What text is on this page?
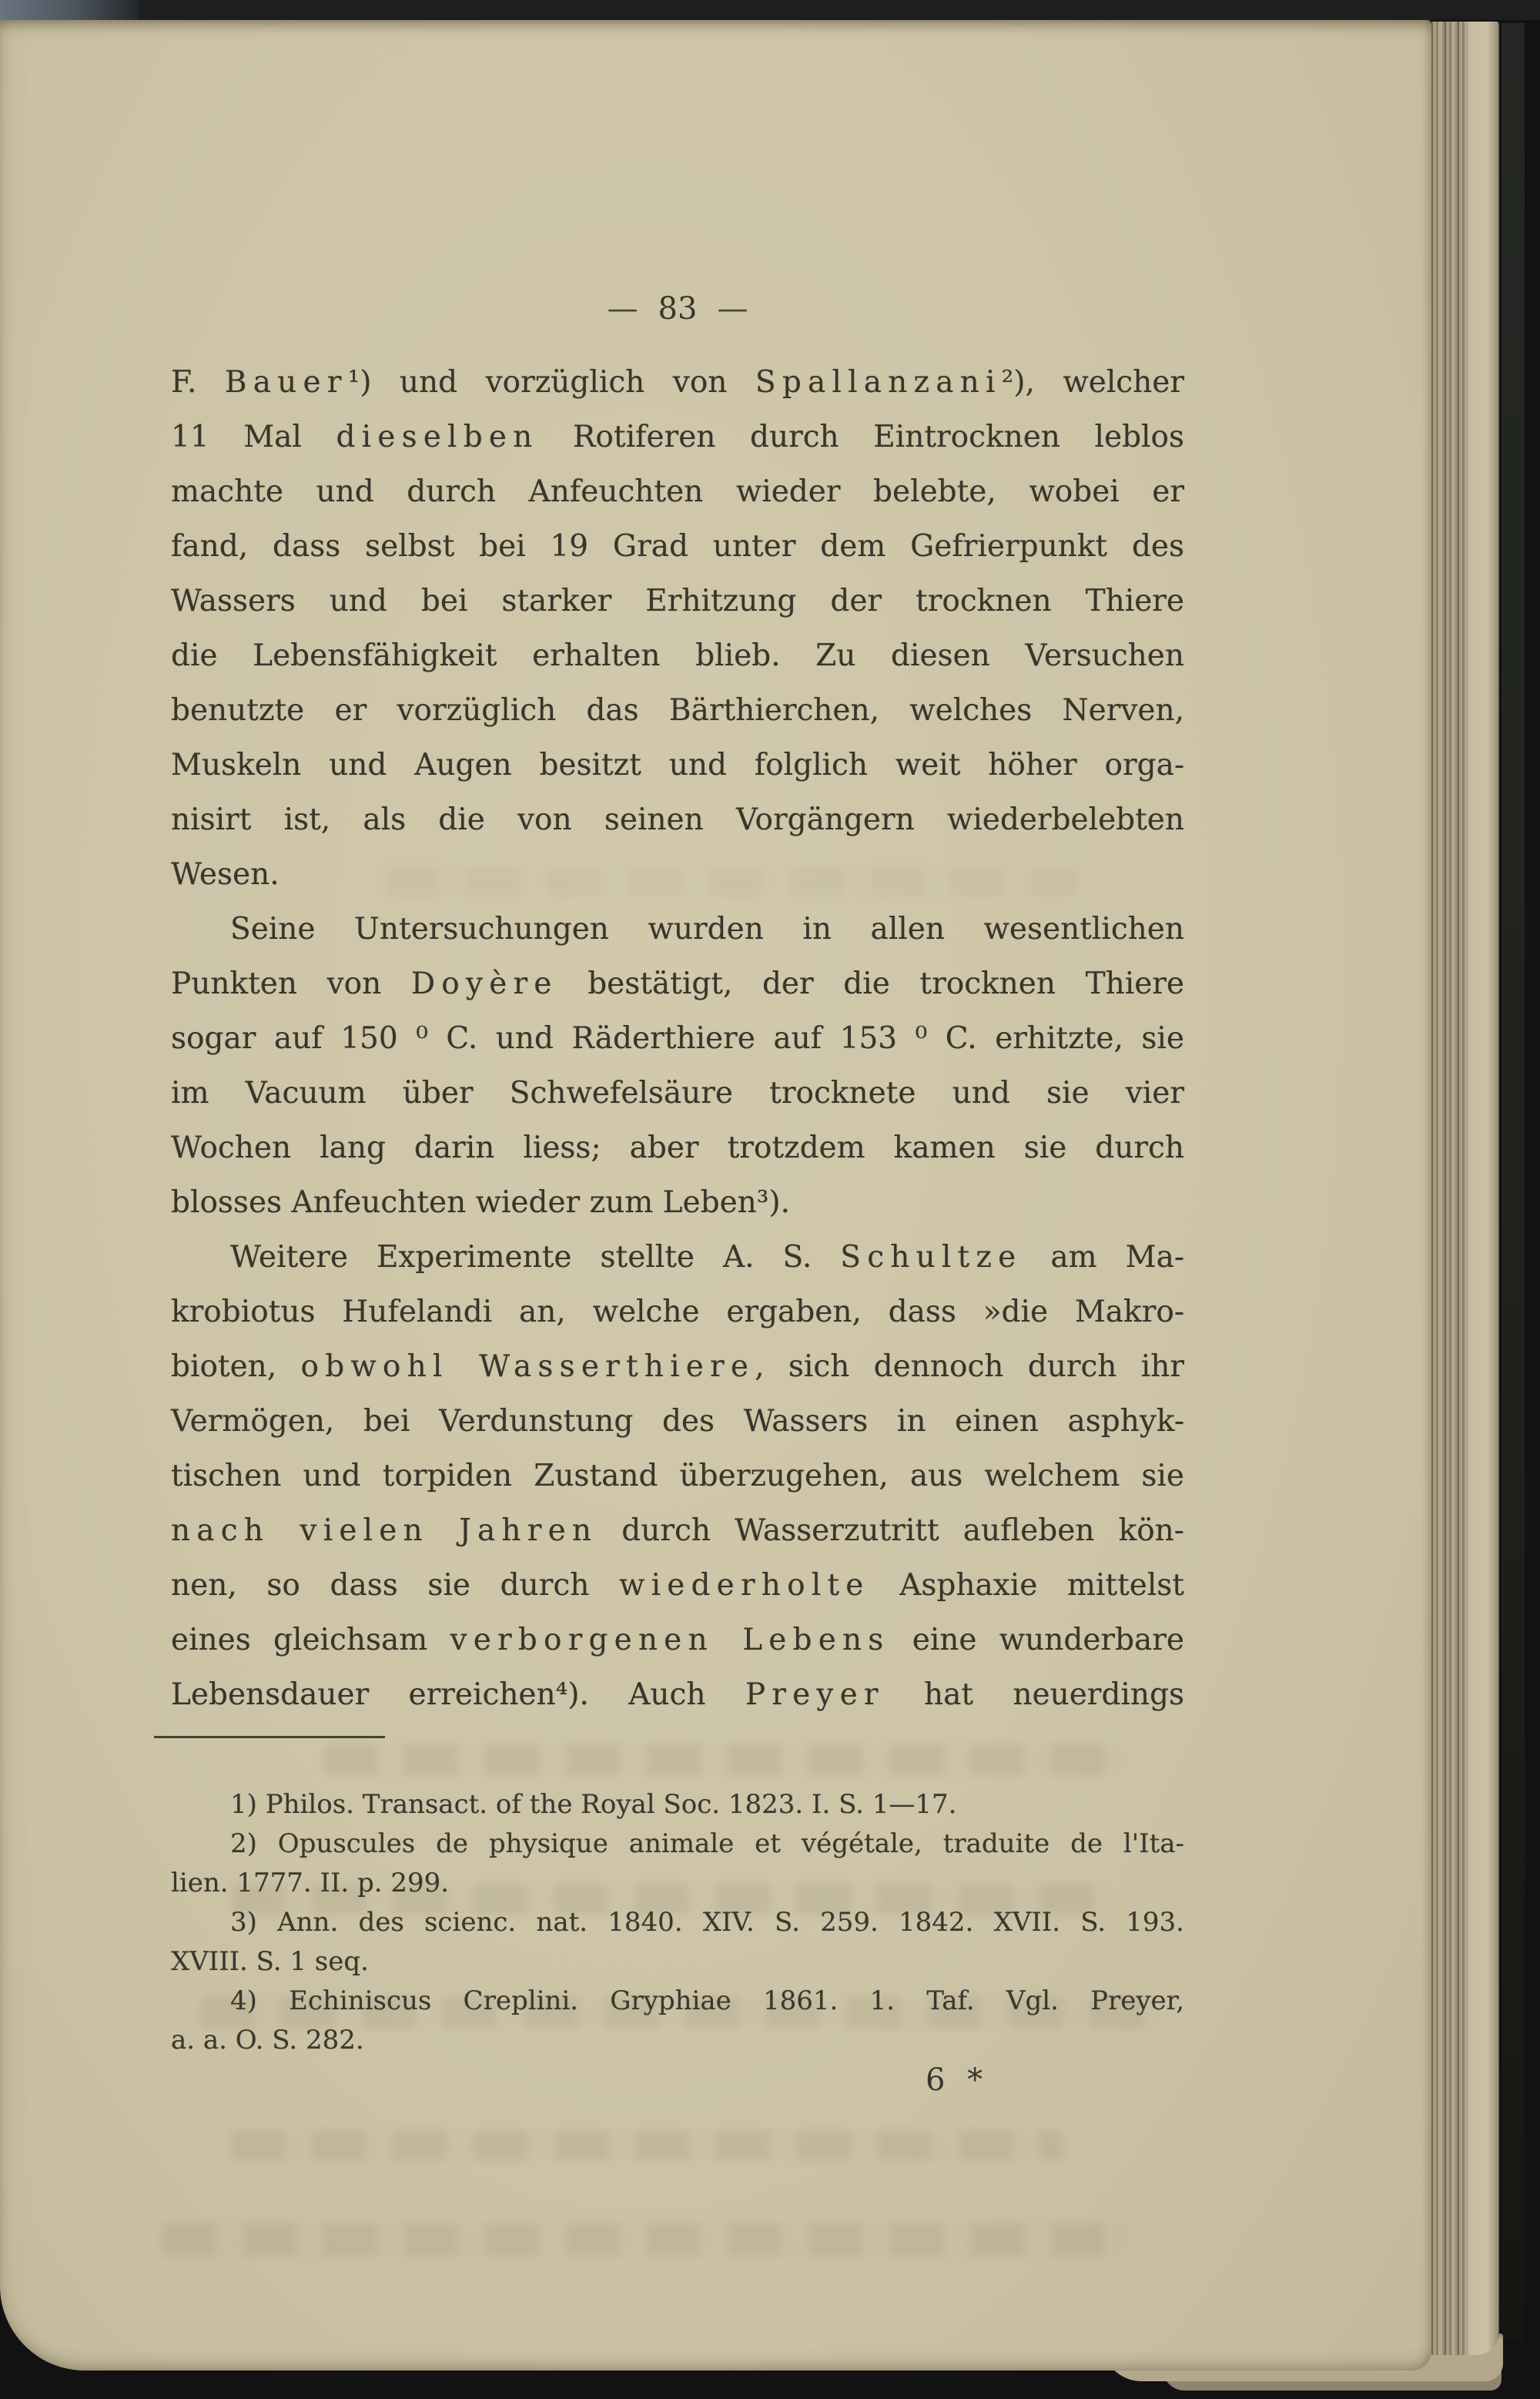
— 83 —
F. Bauer¹) und vorzüglich von Spallanzani²), welcher
11 Mal dieselben Rotiferen durch Eintrocknen leblos
machte und durch Anfeuchten wieder belebte, wobei er
fand, dass selbst bei 19 Grad unter dem Gefrierpunkt des
Wassers und bei starker Erhitzung der trocknen Thiere
die Lebensfähigkeit erhalten blieb. Zu diesen Versuchen
benutzte er vorzüglich das Bärthierchen, welches Nerven,
Muskeln und Augen besitzt und folglich weit höher orga-
nisirt ist, als die von seinen Vorgängern wiederbelebten
Wesen.
Seine Untersuchungen wurden in allen wesentlichen
Punkten von Doyère bestätigt, der die trocknen Thiere
sogar auf 150 ⁰ C. und Räderthiere auf 153 ⁰ C. erhitzte, sie
im Vacuum über Schwefelsäure trocknete und sie vier
Wochen lang darin liess; aber trotzdem kamen sie durch
blosses Anfeuchten wieder zum Leben³).
Weitere Experimente stellte A. S. Schultze am Ma-
krobiotus Hufelandi an, welche ergaben, dass »die Makro-
bioten, obwohl Wasserthiere, sich dennoch durch ihr
Vermögen, bei Verdunstung des Wassers in einen asphyk-
tischen und torpiden Zustand überzugehen, aus welchem sie
nach vielen Jahren durch Wasserzutritt aufleben kön-
nen, so dass sie durch wiederholte Asphaxie mittelst
eines gleichsam verborgenen Lebens eine wunderbare
Lebensdauer erreichen⁴). Auch Preyer hat neuerdings
1) Philos. Transact. of the Royal Soc. 1823. I. S. 1—17.
2) Opuscules de physique animale et végétale, traduite de l'Ita-
lien. 1777. II. p. 299.
3) Ann. des scienc. nat. 1840. XIV. S. 259. 1842. XVII. S. 193.
XVIII. S. 1 seq.
4) Echiniscus Creplini. Gryphiae 1861. 1. Taf. Vgl. Preyer,
a. a. O. S. 282.
6 *
